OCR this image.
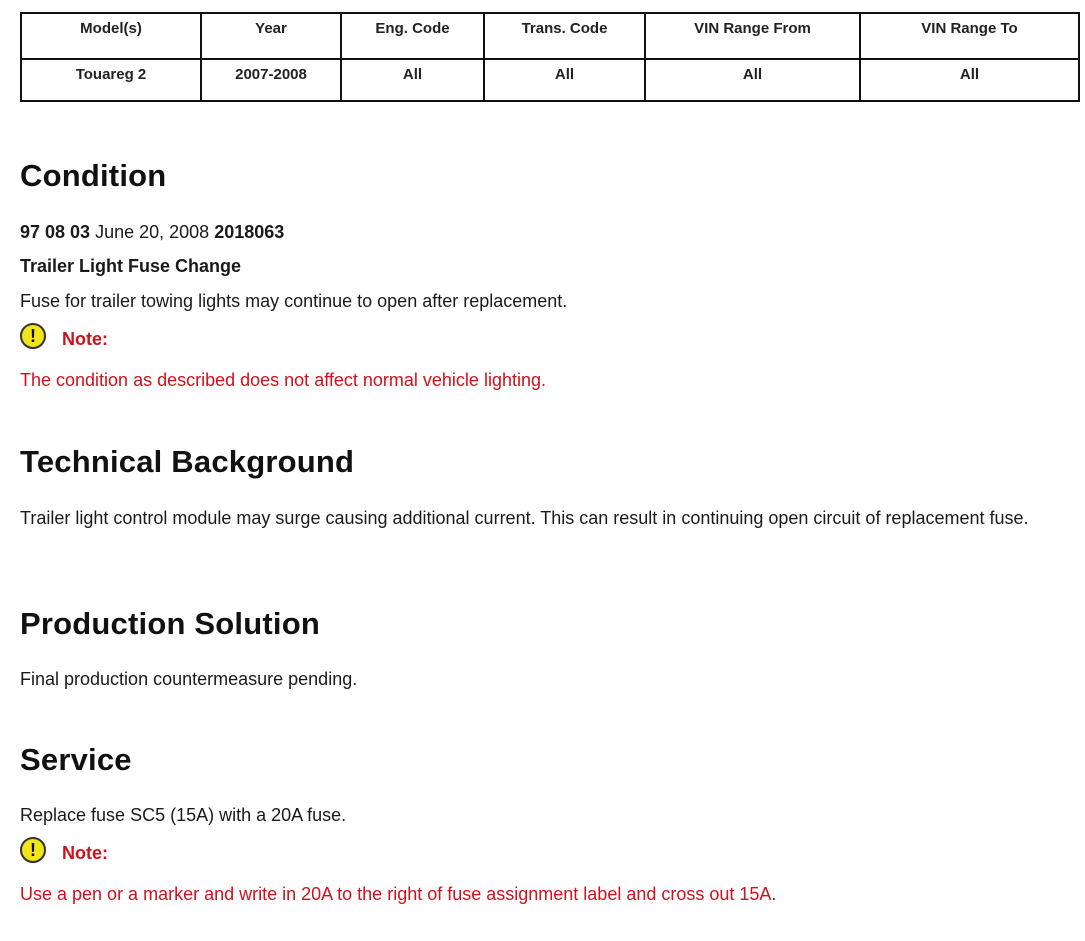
Model(s)	Year	Eng. Code	Trans. Code	VIN Range From	VIN Range To
Touareg 2	2007-2008	All	All	All	All
Condition

97 08 03 June 20, 2008 2018063

Trailer Light Fuse Change

Fuse for trailer towing lights may continue to open after replacement.

!	Note:

The condition as described does not affect normal vehicle lighting.

Technical Background

Trailer light control module may surge causing additional current. This can result in continuing open circuit of replacement fuse.

Production Solution

Final production countermeasure pending.

Service

Replace fuse SC5 (15A) with a 20A fuse.

!	Note:

Use a pen or a marker and write in 20A to the right of fuse assignment label and cross out 15A.
